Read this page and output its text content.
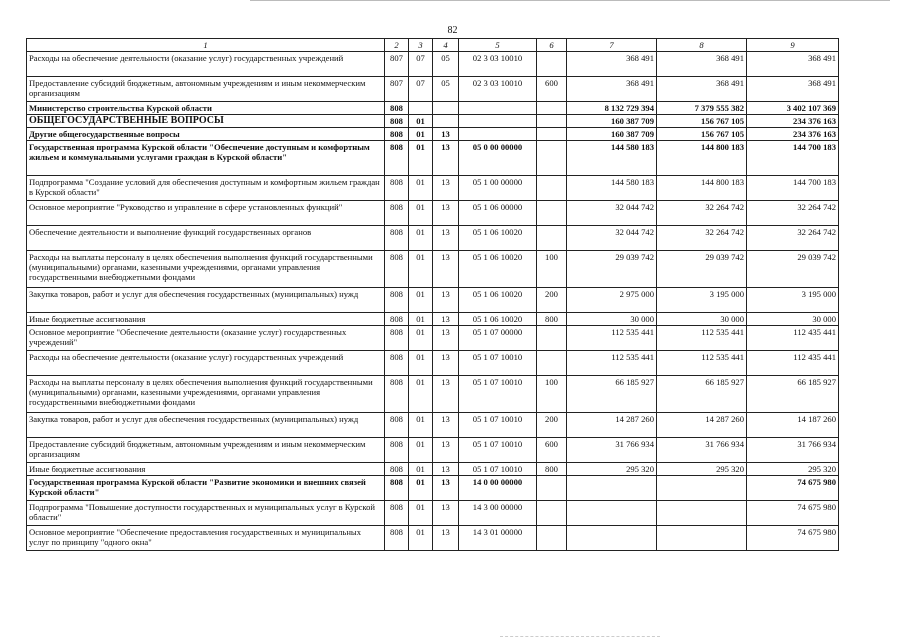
82
1	2	3	4	5	6	7	8	9
Расходы на обеспечение деятельности (оказание услуг) государственных учреждений	807	07	05	02 3 03 10010		368 491	368 491	368 491
Предоставление субсидий бюджетным, автономным учреждениям и иным некоммерческим организациям	807	07	05	02 3 03 10010	600	368 491	368 491	368 491
Министерство строительства Курской области	808					8 132 729 394	7 379 555 382	3 402 107 369
ОБЩЕГОСУДАРСТВЕННЫЕ ВОПРОСЫ	808	01				160 387 709	156 767 105	234 376 163
Другие общегосударственные вопросы	808	01	13			160 387 709	156 767 105	234 376 163
Государственная программа Курской области "Обеспечение доступным и комфортным жильем и коммунальными услугами граждан в Курской области"	808	01	13	05 0 00 00000		144 580 183	144 800 183	144 700 183
Подпрограмма "Создание условий для обеспечения доступным и комфортным жильем граждан в Курской области"	808	01	13	05 1 00 00000		144 580 183	144 800 183	144 700 183
Основное мероприятие "Руководство и управление в сфере установленных функций"	808	01	13	05 1 06 00000		32 044 742	32 264 742	32 264 742
Обеспечение деятельности и выполнение функций государственных органов	808	01	13	05 1 06 10020		32 044 742	32 264 742	32 264 742
Расходы на выплаты персоналу в целях обеспечения выполнения функций государственными (муниципальными) органами, казенными учреждениями, органами управления государственными внебюджетными фондами	808	01	13	05 1 06 10020	100	29 039 742	29 039 742	29 039 742
Закупка товаров, работ и услуг для обеспечения государственных (муниципальных) нужд	808	01	13	05 1 06 10020	200	2 975 000	3 195 000	3 195 000
Иные бюджетные ассигнования	808	01	13	05 1 06 10020	800	30 000	30 000	30 000
Основное мероприятие "Обеспечение деятельности (оказание услуг) государственных учреждений"	808	01	13	05 1 07 00000		112 535 441	112 535 441	112 435 441
Расходы на обеспечение деятельности (оказание услуг) государственных учреждений	808	01	13	05 1 07 10010		112 535 441	112 535 441	112 435 441
Расходы на выплаты персоналу в целях обеспечения выполнения функций государственными (муниципальными) органами, казенными учреждениями, органами управления государственными внебюджетными фондами	808	01	13	05 1 07 10010	100	66 185 927	66 185 927	66 185 927
Закупка товаров, работ и услуг для обеспечения государственных (муниципальных) нужд	808	01	13	05 1 07 10010	200	14 287 260	14 287 260	14 187 260
Предоставление субсидий бюджетным, автономным учреждениям и иным некоммерческим организациям	808	01	13	05 1 07 10010	600	31 766 934	31 766 934	31 766 934
Иные бюджетные ассигнования	808	01	13	05 1 07 10010	800	295 320	295 320	295 320
Государственная программа Курской области "Развитие экономики и внешних связей Курской области"	808	01	13	14 0 00 00000				74 675 980
Подпрограмма "Повышение доступности государственных и муниципальных услуг в Курской области"	808	01	13	14 3 00 00000				74 675 980
Основное мероприятие "Обеспечение предоставления государственных и муниципальных услуг по принципу "одного окна"	808	01	13	14 3 01 00000				74 675 980
